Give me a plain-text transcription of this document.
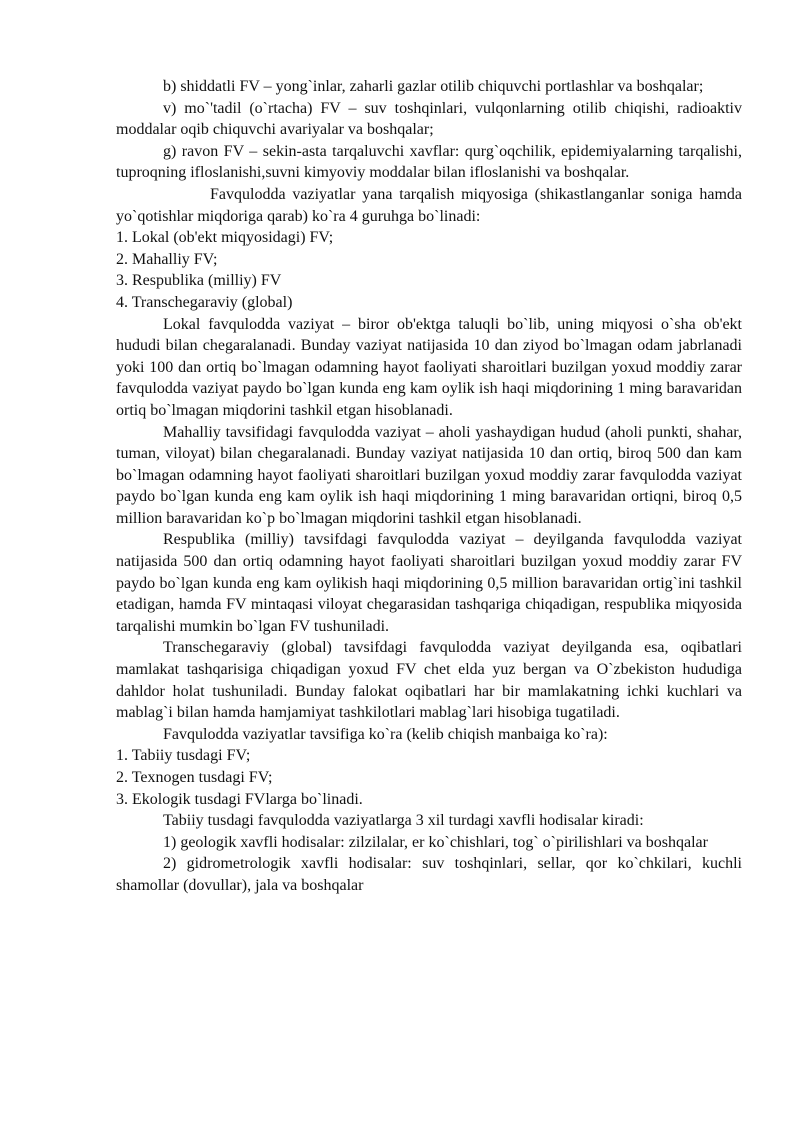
b) shiddatli FV – yong`inlar, zaharli gazlar otilib chiquvchi portlashlar va boshqalar;

v) mo`'tadil (o`rtacha) FV – suv toshqinlari, vulqonlarning otilib chiqishi, radioaktiv moddalar oqib chiquvchi avariyalar va boshqalar;

g) ravon FV – sekin-asta tarqaluvchi xavflar: qurg`oqchilik, epidemiyalarning tarqalishi, tuproqning ifloslanishi,suvni kimyoviy moddalar bilan ifloslanishi va boshqalar.

Favqulodda vaziyatlar yana tarqalish miqyosiga (shikastlanganlar soniga hamda yo`qotishlar miqdoriga qarab) ko`ra 4 guruhga bo`linadi:

1. Lokal (ob'ekt miqyosidagi) FV;

2. Mahalliy FV;

3. Respublika (milliy) FV

4. Transchegaraviy (global)

Lokal favqulodda vaziyat – biror ob'ektga taluqli bo`lib, uning miqyosi o`sha ob'ekt hududi bilan chegaralanadi. Bunday vaziyat natijasida 10 dan ziyod bo`lmagan odam jabrlanadi yoki 100 dan ortiq bo`lmagan odamning hayot faoliyati sharoitlari buzilgan yoxud moddiy zarar favqulodda vaziyat paydo bo`lgan kunda eng kam oylik ish haqi miqdorining 1 ming baravaridan ortiq bo`lmagan miqdorini tashkil etgan hisoblanadi.

Mahalliy tavsifidagi favqulodda vaziyat – aholi yashaydigan hudud (aholi punkti, shahar, tuman, viloyat) bilan chegaralanadi. Bunday vaziyat natijasida 10 dan ortiq, biroq 500 dan kam bo`lmagan odamning hayot faoliyati sharoitlari buzilgan yoxud moddiy zarar favqulodda vaziyat paydo bo`lgan kunda eng kam oylik ish haqi miqdorining 1 ming baravaridan ortiqni, biroq 0,5 million baravaridan ko`p bo`lmagan miqdorini tashkil etgan hisoblanadi.

Respublika (milliy) tavsifdagi favqulodda vaziyat – deyilganda favqulodda vaziyat natijasida 500 dan ortiq odamning hayot faoliyati sharoitlari buzilgan yoxud moddiy zarar FV paydo bo`lgan kunda eng kam oylikish haqi miqdorining 0,5 million baravaridan ortig`ini tashkil etadigan, hamda FV mintaqasi viloyat chegarasidan tashqariga chiqadigan, respublika miqyosida tarqalishi mumkin bo`lgan FV tushuniladi.

Transchegaraviy (global) tavsifdagi favqulodda vaziyat deyilganda esa, oqibatlari mamlakat tashqarisiga chiqadigan yoxud FV chet elda yuz bergan va O`zbekiston hududiga dahldor holat tushuniladi. Bunday falokat oqibatlari har bir mamlakatning ichki kuchlari va mablag`i bilan hamda hamjamiyat tashkilotlari mablag`lari hisobiga tugatiladi.

Favqulodda vaziyatlar tavsifiga ko`ra (kelib chiqish manbaiga ko`ra):

1. Tabiiy tusdagi FV;

2. Texnogen tusdagi FV;

3. Ekologik tusdagi FVlarga bo`linadi.

Tabiiy tusdagi favqulodda vaziyatlarga 3 xil turdagi xavfli hodisalar kiradi:

1) geologik xavfli hodisalar: zilzilalar, er ko`chishlari, tog` o`pirilishlari va boshqalar

2) gidrometrologik xavfli hodisalar: suv toshqinlari, sellar, qor ko`chkilari, kuchli shamollar (dovullar), jala va boshqalar
